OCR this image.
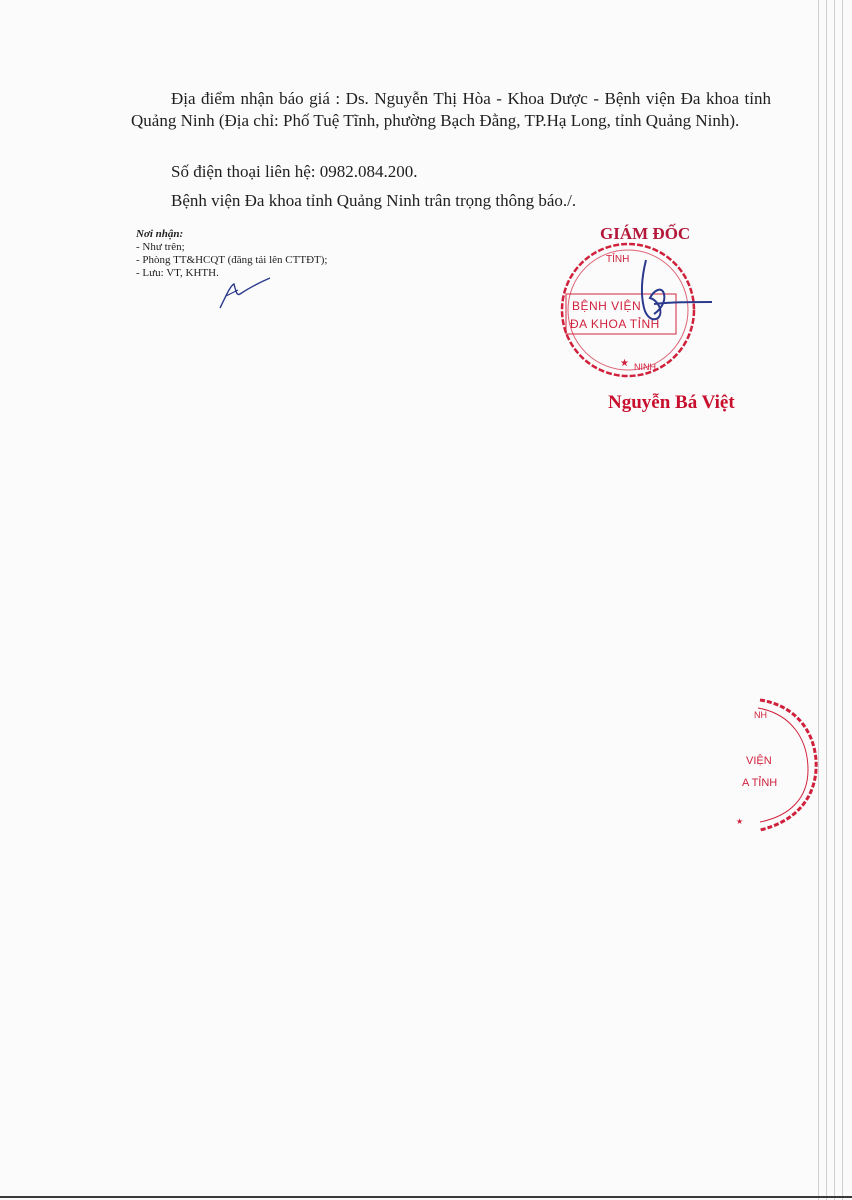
Địa điểm nhận báo giá : Ds. Nguyễn Thị Hòa - Khoa Dược - Bệnh viện Đa khoa tỉnh Quảng Ninh (Địa chỉ: Phố Tuệ Tĩnh, phường Bạch Đằng, TP.Hạ Long, tỉnh Quảng Ninh).

Số điện thoại liên hệ: 0982.084.200.

Bệnh viện Đa khoa tỉnh Quảng Ninh trân trọng thông báo./.

Nơi nhận:
- Như trên;
- Phòng TT&HCQT (đăng tải lên CTTĐT);
- Lưu: VT, KHTH.
GIÁM ĐỐC
TỈNH
BỆNH VIỆN
ĐA KHOA TỈNH
NINH
★
Nguyễn Bá Việt
NH
VIỆN
A TỈNH
★
